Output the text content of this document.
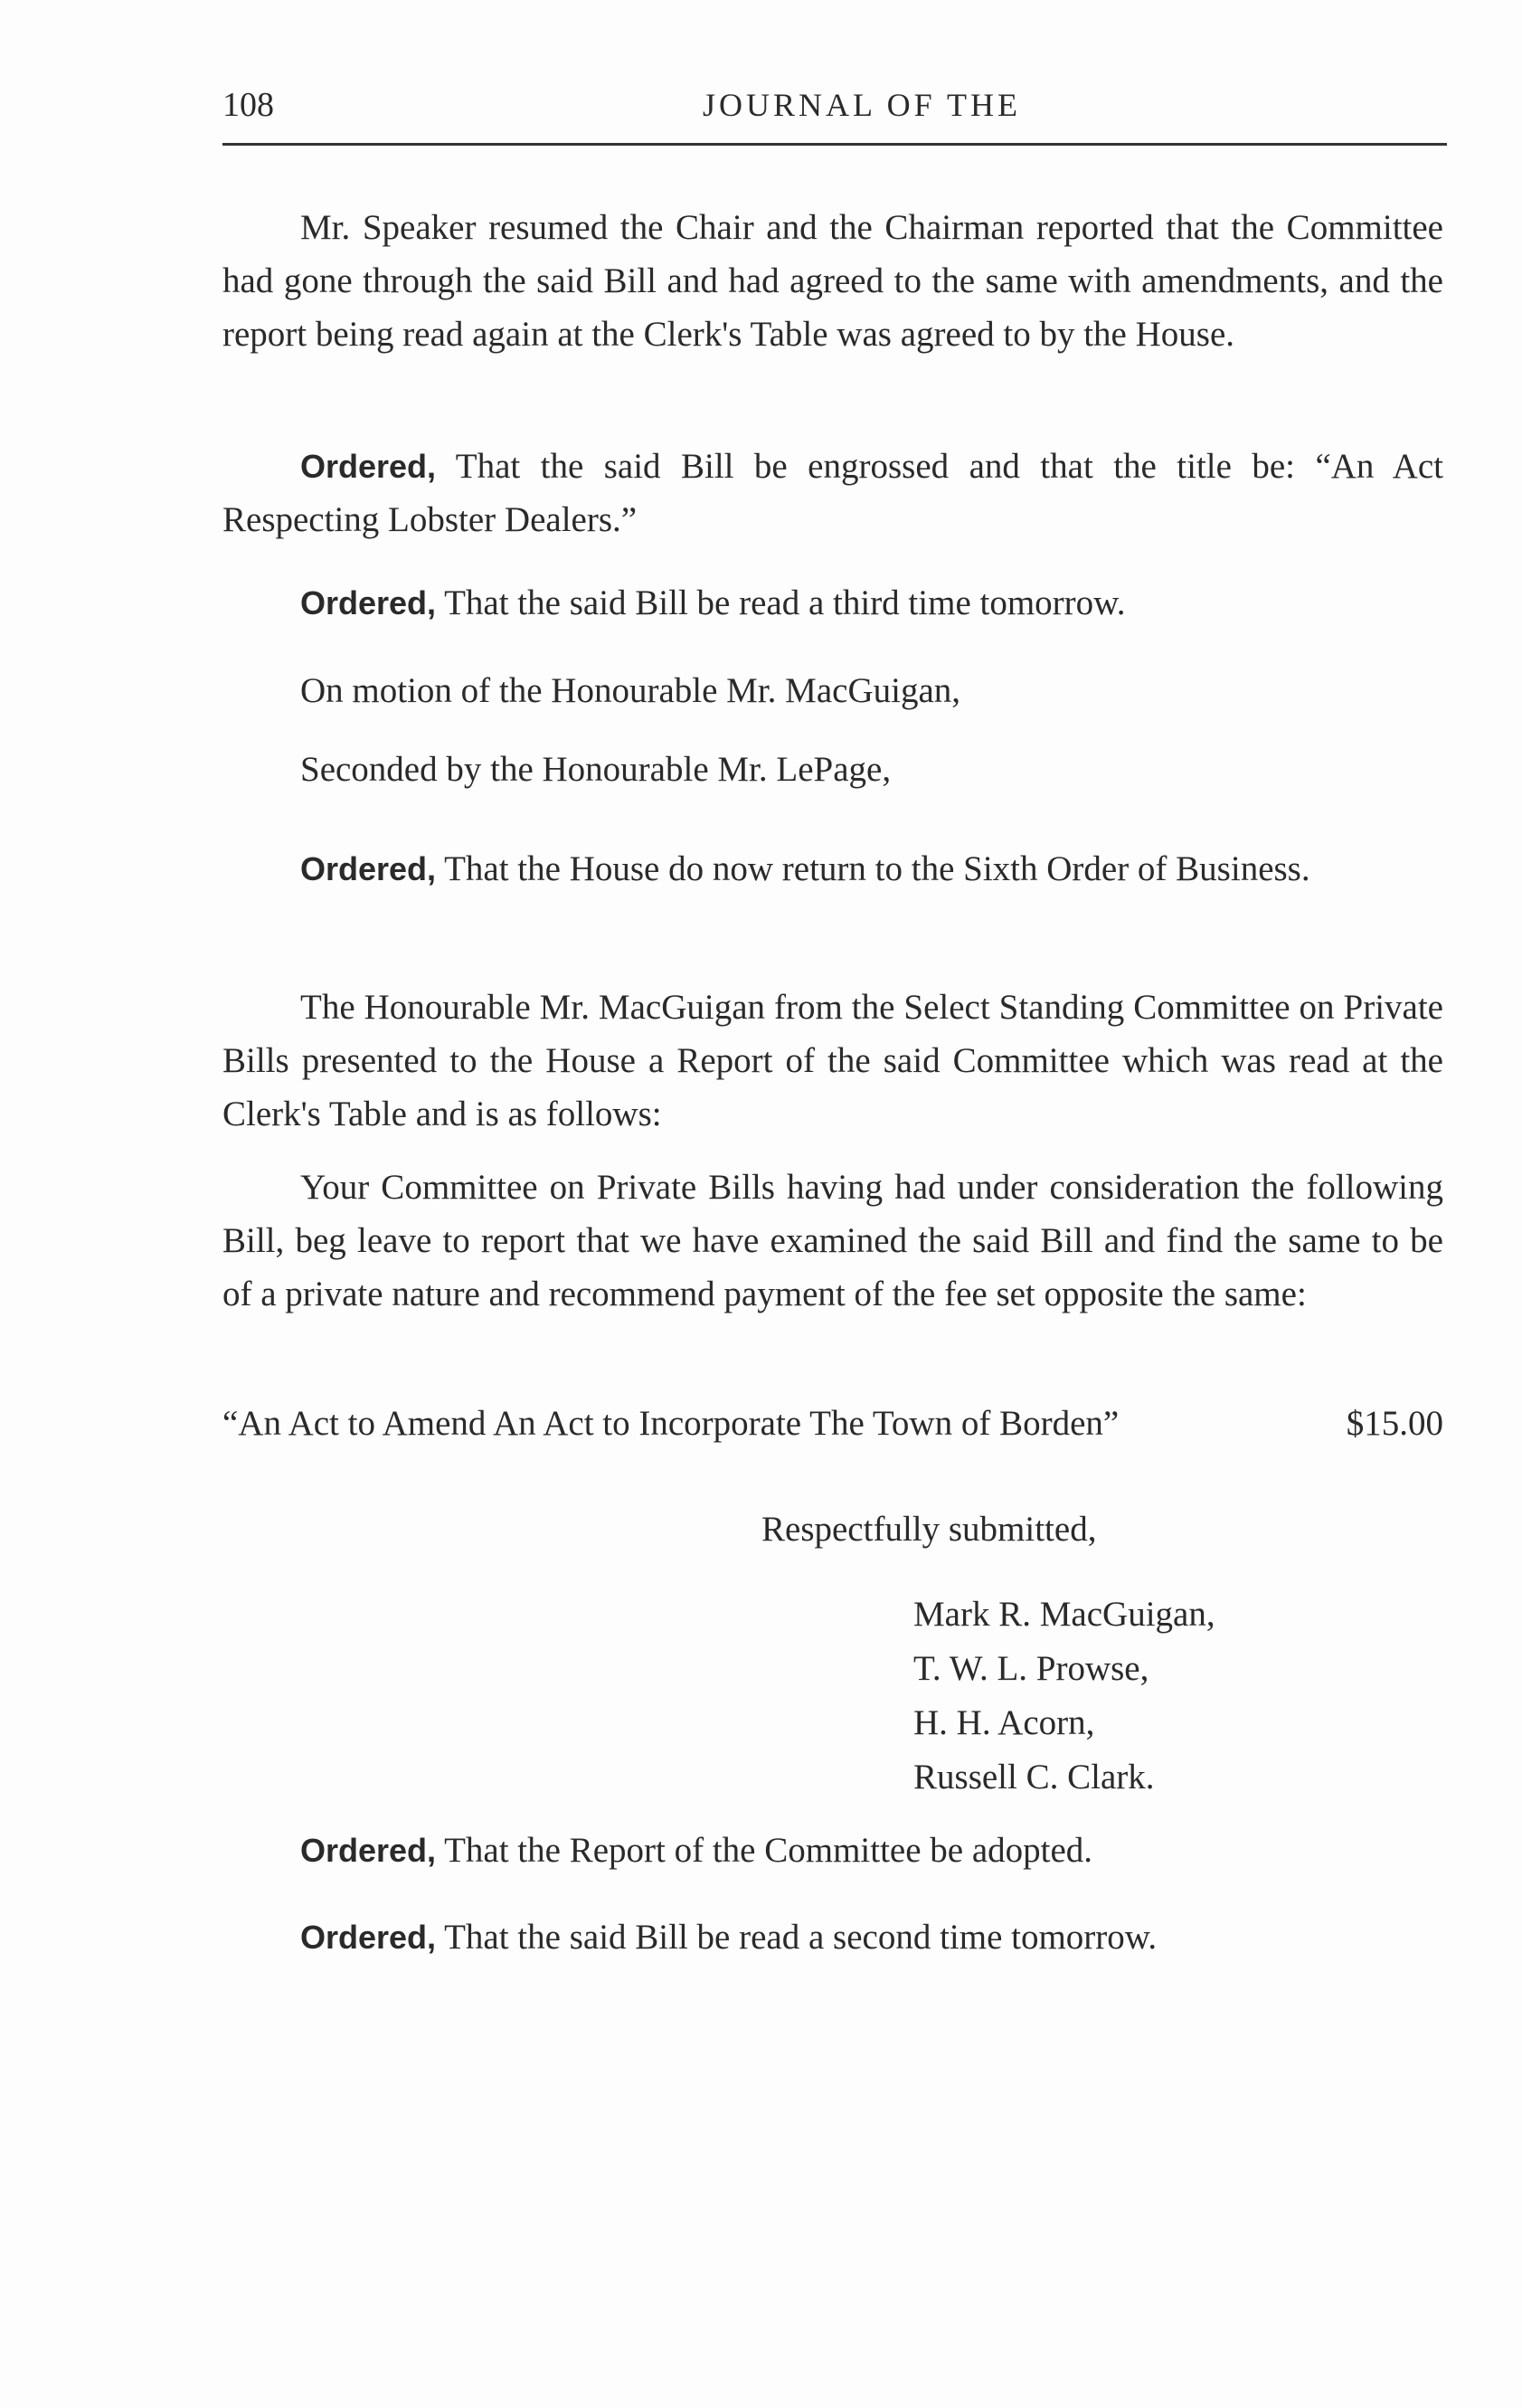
108	JOURNAL OF THE

Mr. Speaker resumed the Chair and the Chairman reported that the Committee had gone through the said Bill and had agreed to the same with amendments, and the report being read again at the Clerk's Table was agreed to by the House.

Ordered, That the said Bill be engrossed and that the title be: “An Act Respecting Lobster Dealers.”

Ordered, That the said Bill be read a third time tomorrow.

On motion of the Honourable Mr. MacGuigan,

Seconded by the Honourable Mr. LePage,

Ordered, That the House do now return to the Sixth Order of Business.

The Honourable Mr. MacGuigan from the Select Standing Committee on Private Bills presented to the House a Report of the said Committee which was read at the Clerk's Table and is as follows:

Your Committee on Private Bills having had under consideration the following Bill, beg leave to report that we have examined the said Bill and find the same to be of a private nature and recommend payment of the fee set opposite the same:

“An Act to Amend An Act to Incorporate The Town of Borden”	$15.00

Respectfully submitted,

Mark R. MacGuigan,

T. W. L. Prowse,

H. H. Acorn,

Russell C. Clark.

Ordered, That the Report of the Committee be adopted.

Ordered, That the said Bill be read a second time tomorrow.
